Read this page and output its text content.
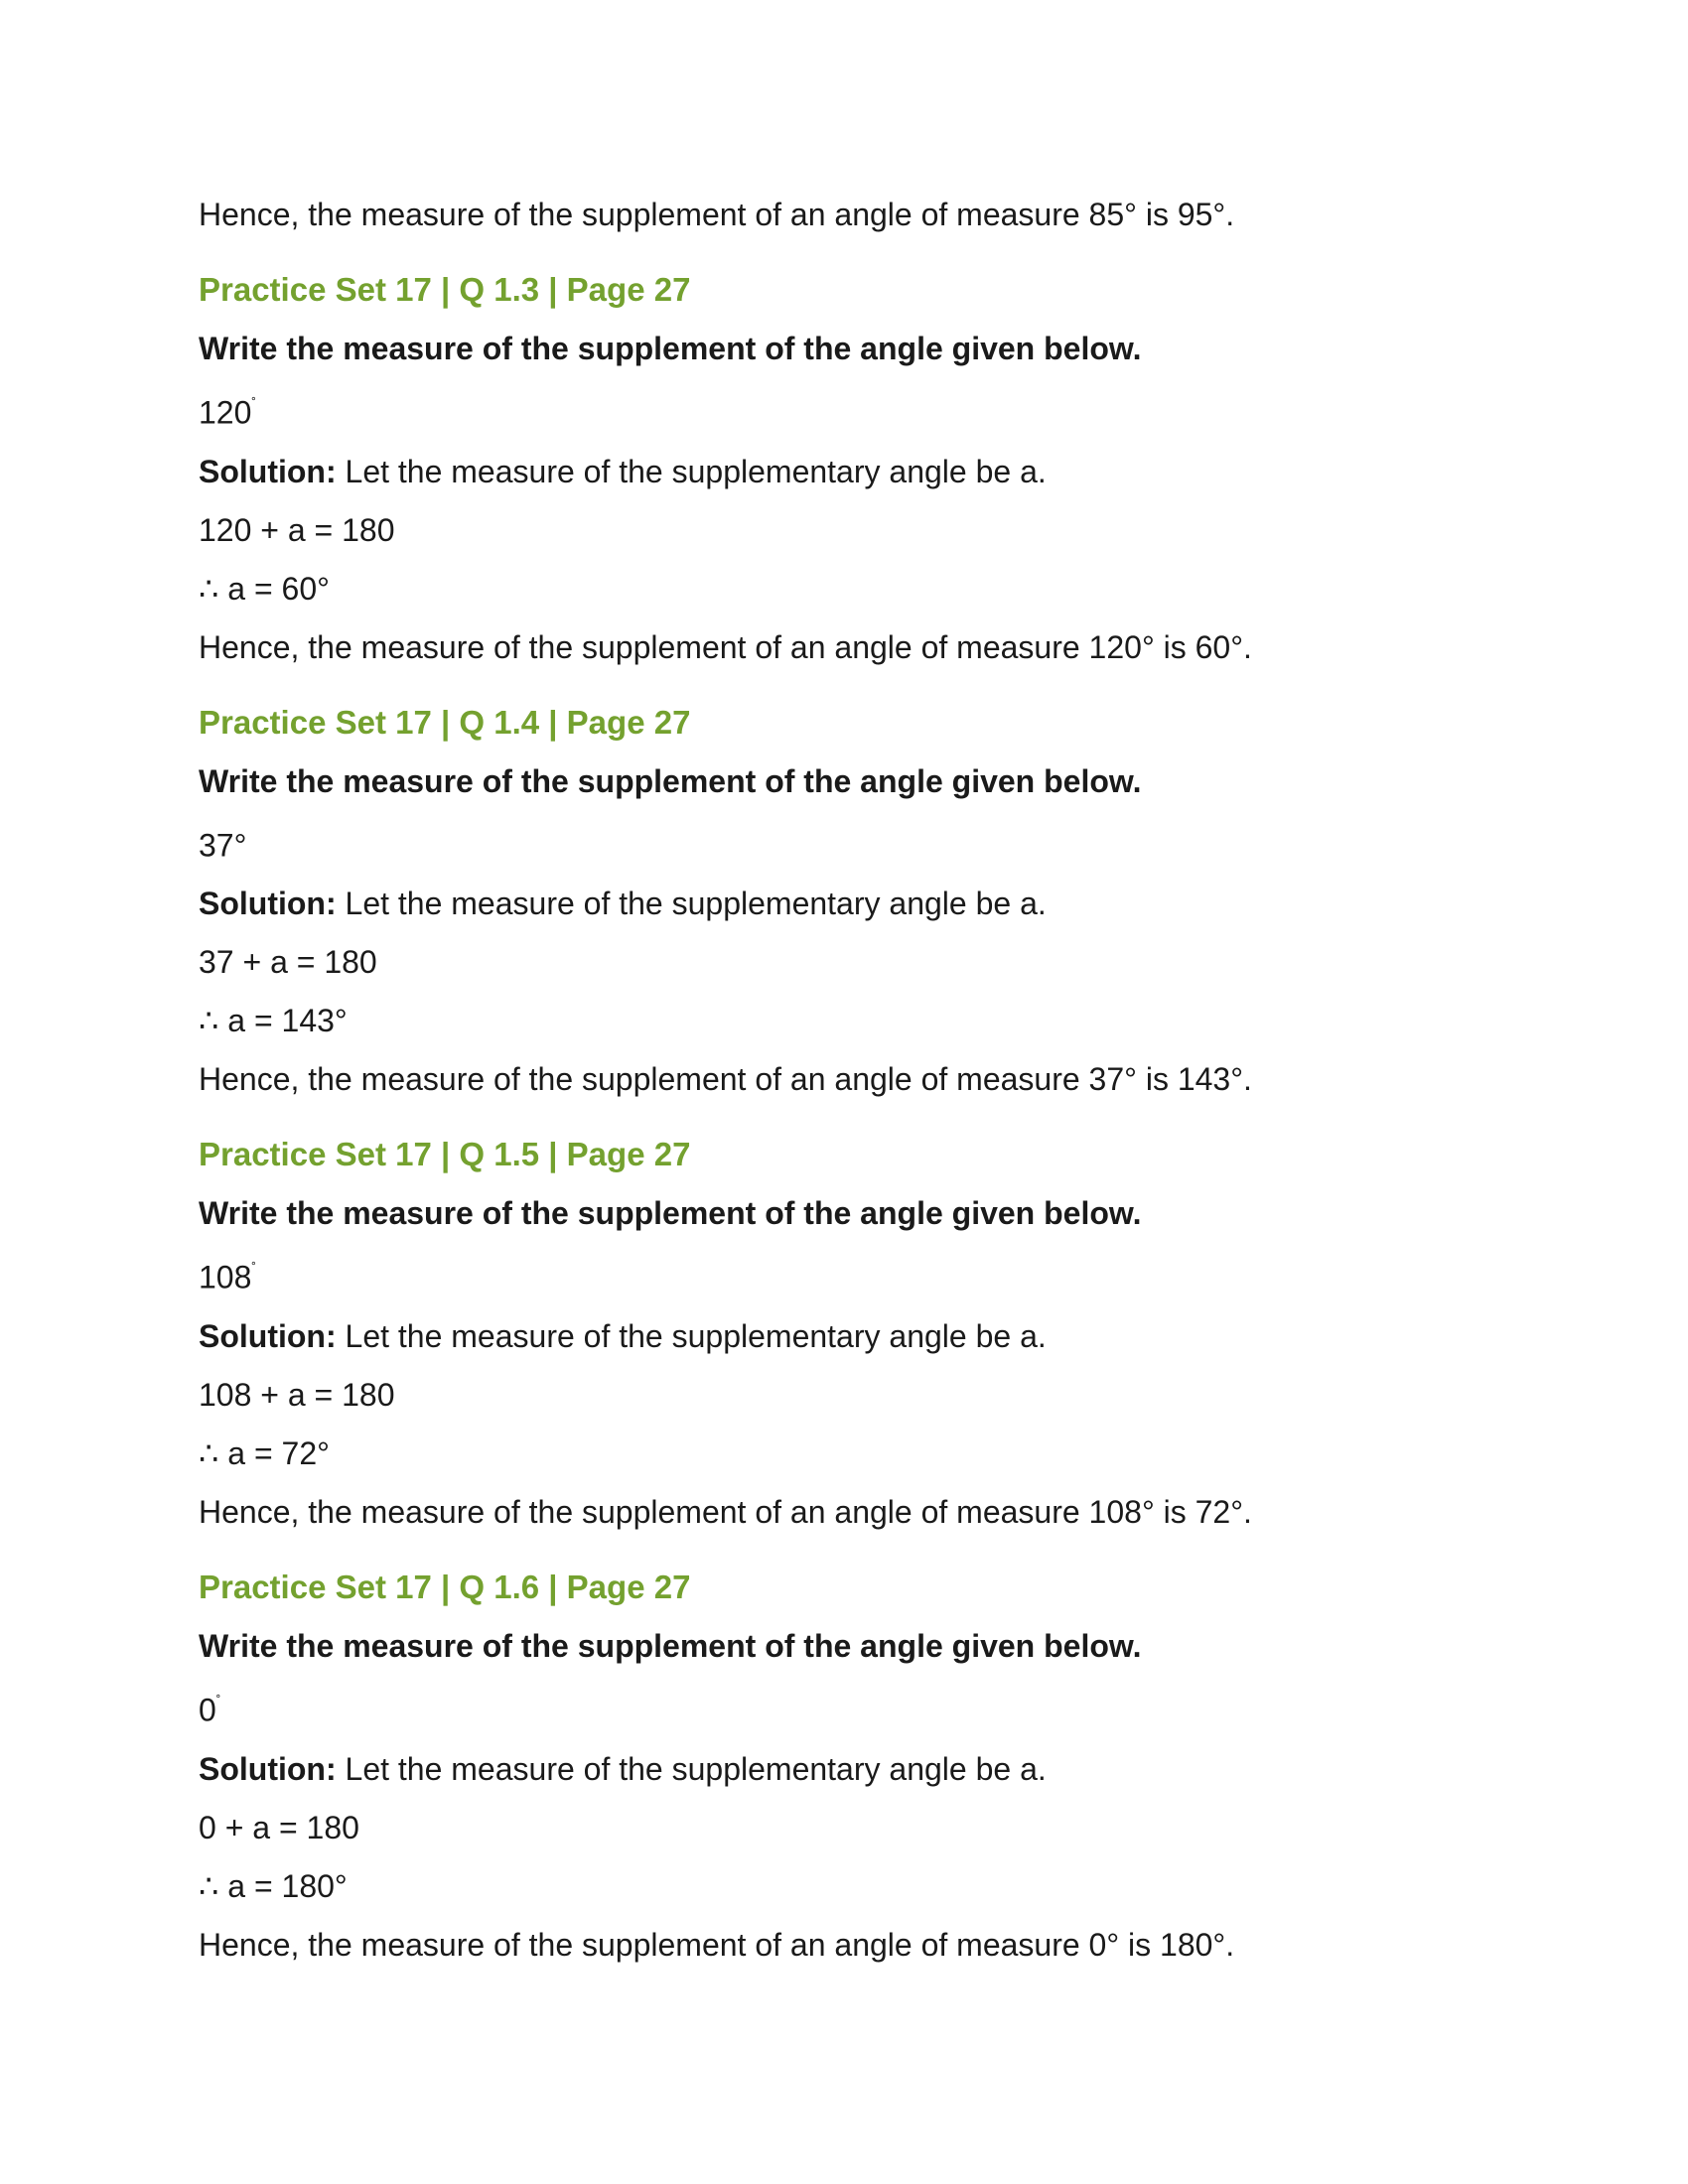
Hence, the measure of the supplement of an angle of measure 85° is 95°.
Practice Set 17 | Q 1.3 | Page 27
Write the measure of the supplement of the angle given below.
120˚
Solution: Let the measure of the supplementary angle be a.
120 + a = 180
∴ a = 60°
Hence, the measure of the supplement of an angle of measure 120° is 60°.
Practice Set 17 | Q 1.4 | Page 27
Write the measure of the supplement of the angle given below.
37°
Solution: Let the measure of the supplementary angle be a.
37 + a = 180
∴ a = 143°
Hence, the measure of the supplement of an angle of measure 37° is 143°.
Practice Set 17 | Q 1.5 | Page 27
Write the measure of the supplement of the angle given below.
108˚
Solution: Let the measure of the supplementary angle be a.
108 + a = 180
∴ a = 72°
Hence, the measure of the supplement of an angle of measure 108° is 72°.
Practice Set 17 | Q 1.6 | Page 27
Write the measure of the supplement of the angle given below.
0˚
Solution: Let the measure of the supplementary angle be a.
0 + a = 180
∴ a = 180°
Hence, the measure of the supplement of an angle of measure 0° is 180°.
